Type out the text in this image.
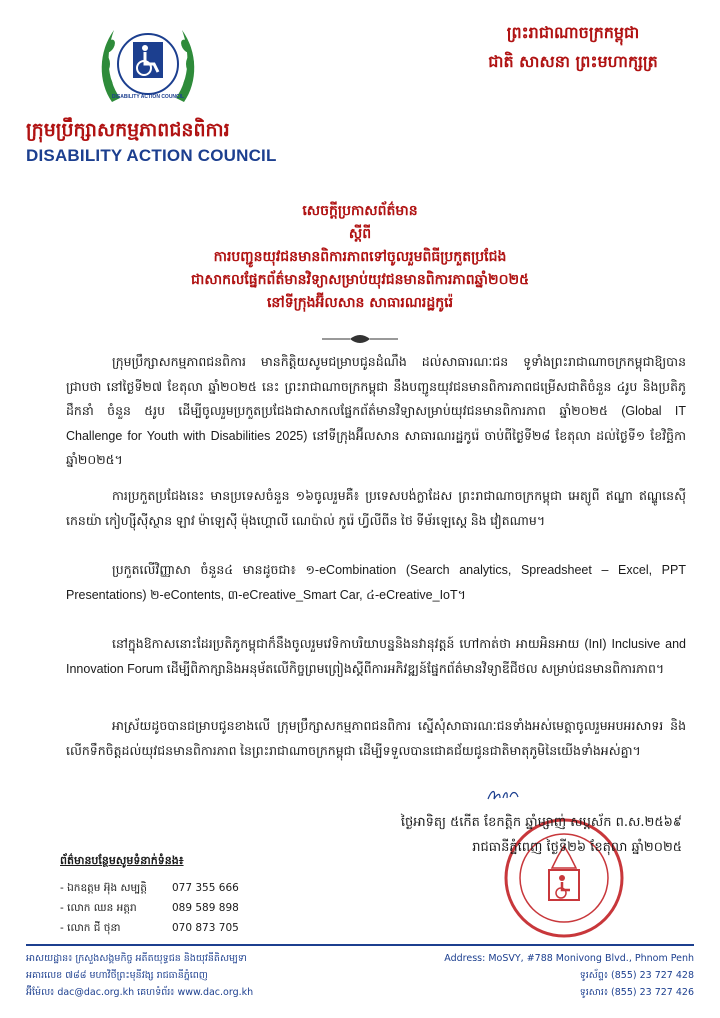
DISABILITY ACTION COUNCIL
ក្រុមប្រឹក្សាសកម្មភាពជនពិការ
DISABILITY ACTION COUNCIL
ព្រះរាជាណាចក្រកម្ពុជា
ជាតិ សាសនា ព្រះមហាក្សត្រ
សេចក្តីប្រកាសព័ត៌មាន
ស្តីពី
ការបញ្ជូនយុវជនមានពិការភាពទៅចូលរួមពិធីប្រកួតប្រជែង
ជាសាកលផ្នែកព័ត៌មានវិទ្យាសម្រាប់យុវជនមានពិការភាពឆ្នាំ២០២៥
នៅទីក្រុងអ៊ីលសាន សាធារណរដ្ឋកូរ៉េ
ក្រុមប្រឹក្សាសកម្មភាពជនពិការ មានកិត្តិយសូមជម្រាបជូនដំណឹង ដល់សាធារណៈជន ទូទាំងព្រះរាជាណាចក្រកម្ពុជាឱ្យបានជ្រាបថា នៅថ្ងៃទី២៧ ខែតុលា ឆ្នាំ២០២៥ នេះ ព្រះរាជាណាចក្រកម្ពុជា នឹងបញ្ជូនយុវជនមានពិការភាពជម្រើសជាតិចំនួន ៤រូប និងប្រតិភូដឹកនាំ ចំនួន ៥រូប ដើម្បីចូលរួមប្រកួតប្រជែងជាសាកលផ្នែកព័ត៌មានវិទ្យាសម្រាប់យុវជនមានពិការភាព ឆ្នាំ២០២៥ (Global IT Challenge for Youth with Disabilities 2025) នៅទីក្រុងអ៊ីលសាន សាធារណរដ្ឋកូរ៉េ ចាប់ពីថ្ងៃទី២៨ ខែតុលា ដល់ថ្ងៃទី១ ខែវិច្ឆិកា ឆ្នាំ២០២៥។
ការប្រកួតប្រជែងនេះ មានប្រទេសចំនួន ១៦ចូលរួមគឺ៖ ប្រទេសបង់ក្លាដែស ព្រះរាជាណាចក្រកម្ពុជា អេត្យូពី ឥណ្ឌា ឥណ្ឌូនេស៊ី កេនយ៉ា កៀហ្ស៊ីស៊ីស្ថាន ឡាវ ម៉ាឡេស៊ី ម៉ុងហ្គោលី ណេប៉ាល់ កូរ៉េ ហ្វីលីពីន ថៃ ទីម័រឡេស្តេ និង វៀតណាម។
ប្រកួតលើវិញ្ញាសា ចំនួន៤ មានដូចជា៖ ១-eCombination (Search analytics, Spreadsheet – Excel, PPT Presentations) ២-eContents, ៣-eCreative_Smart Car, ៤-eCreative_IoT។
នៅក្នុងឱកាសនោះដែរប្រតិភូកម្ពុជាក៏នឹងចូលរួមវេទិកាបរិយាបន្ននិងនវានុវត្តន៍ ហៅកាត់ថា អាយអិនអាយ (InI) Inclusive and Innovation Forum ដើម្បីពិភាក្សានិងអនុម័តលើកិច្ចព្រមព្រៀងស្តីពីការអភិវឌ្ឍន៍ផ្នែកព័ត៌មានវិទ្យាឌីជីថល សម្រាប់ជនមានពិការភាព។
អាស្រ័យដូចបានជម្រាបជូនខាងលើ ក្រុមប្រឹក្សាសកម្មភាពជនពិការ ស្នើសុំសាធារណៈជនទាំងអស់មេត្តាចូលរួមអបអរសាទរ និងលើកទឹកចិត្តដល់យុវជនមានពិការភាព នៃព្រះរាជាណាចក្រកម្ពុជា ដើម្បីទទួលបានជោគជ័យជូនជាតិមាតុភូមិនៃយើងទាំងអស់គ្នា។
ថ្ងៃអាទិត្យ ៥កើត ខែកត្តិក ឆ្នាំម្សាញ់ សប្តស័ក ព.ស.២៥៦៩
រាជធានីភ្នំពេញ ថ្ងៃទី២៦ ខែតុលា ឆ្នាំ២០២៥
ព័ត៌មានបន្ថែមសូមទំនាក់ទំនង៖
- ឯកឧត្តម អ៊ុង សម្បត្តិ	077 355 666
- លោក ឈន អត្តរា	089 589 898
- លោក ជី ថុនា	070 873 705
អាសយដ្ឋាន៖ ក្រសួងសង្គមកិច្ច អតីតយុទ្ធជន និងយុវនីតិសម្បទា
អគារលេខ ៧៨៨ មហាវិថីព្រះមុនីវង្ស រាជធានីភ្នំពេញ
អ៊ីម៉ែល៖ dac@dac.org.kh គេហទំព័រ៖ www.dac.org.kh
Address: MoSVY, #788 Monivong Blvd., Phnom Penh
ទូរស័ព្ទ៖ (855) 23 727 428
ទូរសារ៖ (855) 23 727 426
